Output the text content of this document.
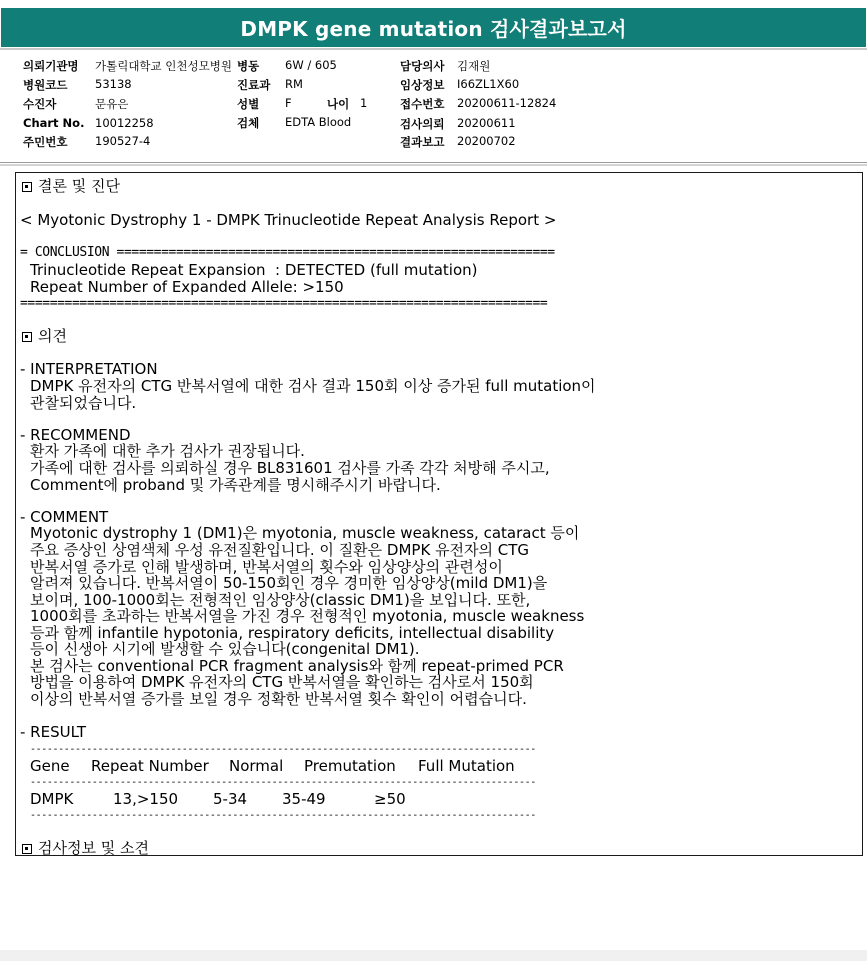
DMPK gene mutation 검사결과보고서
의뢰기관명 가톨릭대학교 인천성모병원 병동 6W / 605	담당의사 김재원
병원코드 53138	진료과 RM	임상정보 I66ZL1X60
수진자	문유은	성별 F	나이 1	접수번호 20200611-12824
Chart No. 10012258	검체 EDTA Blood	검사의뢰 20200611
주민번호 190527-4	결과보고 20200702
결론 및 진단
< Myotonic Dystrophy 1 - DMPK Trinucleotide Repeat Analysis Report >
= CONCLUSION ===========================================================
Trinucleotide Repeat Expansion  : DETECTED (full mutation)
Repeat Number of Expanded Allele: >150
=======================================================================
의견
- INTERPRETATION
DMPK 유전자의 CTG 반복서열에 대한 검사 결과 150회 이상 증가된 full mutation이
관찰되었습니다.
- RECOMMEND
환자 가족에 대한 추가 검사가 권장됩니다.
가족에 대한 검사를 의뢰하실 경우 BL831601 검사를 가족 각각 처방해 주시고,
Comment에 proband 및 가족관계를 명시해주시기 바랍니다.
- COMMENT
Myotonic dystrophy 1 (DM1)은 myotonia, muscle weakness, cataract 등이
주요 증상인 상염색체 우성 유전질환입니다. 이 질환은 DMPK 유전자의 CTG
반복서열 증가로 인해 발생하며, 반복서열의 횟수와 임상양상의 관련성이
알려져 있습니다. 반복서열이 50-150회인 경우 경미한 임상양상(mild DM1)을
보이며, 100-1000회는 전형적인 임상양상(classic DM1)을 보입니다. 또한,
1000회를 초과하는 반복서열을 가진 경우 전형적인 myotonia, muscle weakness
등과 함께 infantile hypotonia, respiratory deficits, intellectual disability
등이 신생아 시기에 발생할 수 있습니다(congenital DM1).
본 검사는 conventional PCR fragment analysis와 함께 repeat-primed PCR
방법을 이용하여 DMPK 유전자의 CTG 반복서열을 확인하는 검사로서 150회
이상의 반복서열 증가를 보일 경우 정확한 반복서열 횟수 확인이 어렵습니다.
- RESULT
------------------------------------------------------------------------------------------
Gene Repeat Number Normal Premutation Full Mutation
------------------------------------------------------------------------------------------
DMPK	13,>150 5-34 35-49	≥50
------------------------------------------------------------------------------------------
검사정보 및 소견
